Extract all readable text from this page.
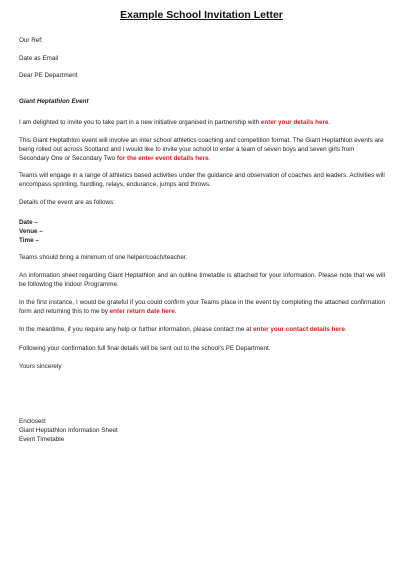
Example School Invitation Letter
Our Ref:
Date as Email
Dear PE Department
Giant Heptathlon Event
I am delighted to invite you to take part in a new initiative organised in partnership with enter your details here.
This Giant Heptathlon event will involve an inter school athletics coaching and competition format. The Giant Heptathlon events are being rolled out across Scotland and I would like to invite your school to enter a team of seven boys and seven girls from Secondary One or Secondary Two for the enter event details here.
Teams will engage in a range of athletics based activities under the guidance and observation of coaches and leaders. Activities will encompass sprinting, hurdling, relays, endurance, jumps and throws.
Details of the event are as follows:
Date –
Venue –
Time –
Teams should bring a minimum of one helper/coach/teacher.
An information sheet regarding Giant Heptathlon and an outline timetable is attached for your information. Please note that we will be following the Indoor Programme.
In the first instance, I would be grateful if you could confirm your Teams place in the event by completing the attached confirmation form and returning this to me by enter return date here.
In the meantime, if you require any help or further information, please contact me at enter your contact details here.
Following your confirmation full final details will be sent out to the school's PE Department.
Yours sincerely
Enclosed:
Giant Heptathlon Information Sheet
Event Timetable
